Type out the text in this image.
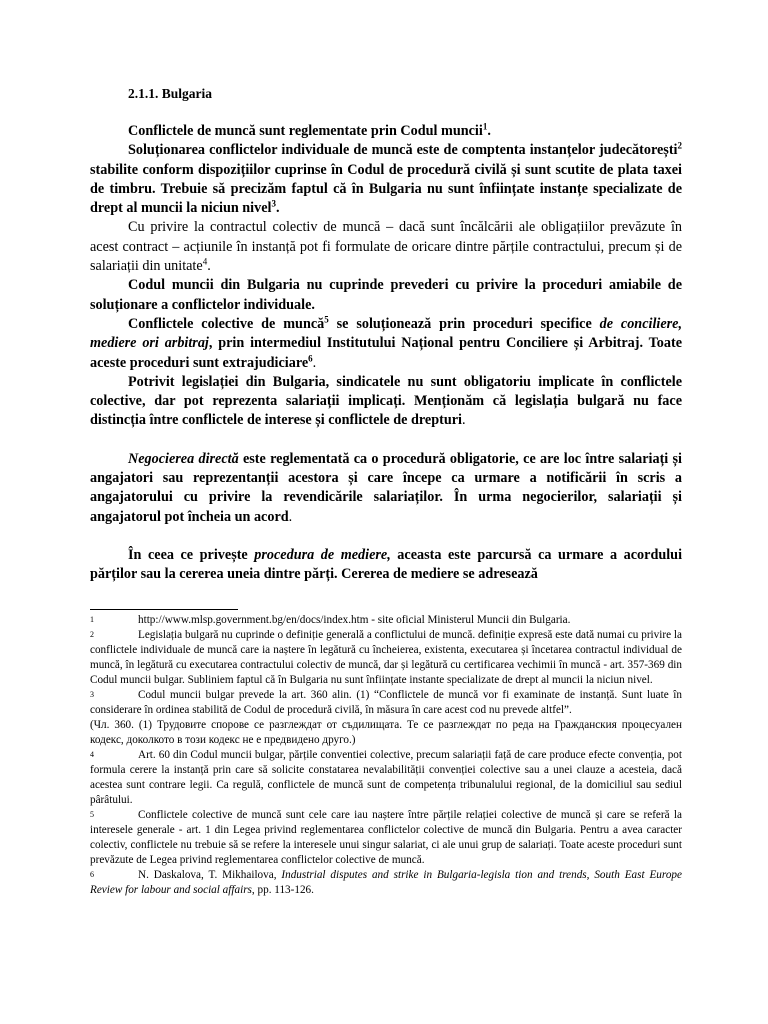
2.1.1. Bulgaria

Conflictele de muncă sunt reglementate prin Codul muncii$^1$.

Soluționarea conflictelor individuale de muncă este de comptenta instanțelor judecătorești$^2$ stabilite conform dispozițiilor cuprinse în Codul de procedură civilă și sunt scutite de plata taxei de timbru. Trebuie să precizăm faptul că în Bulgaria nu sunt înființate instanțe specializate de drept al muncii la niciun nivel$^3$.

Cu privire la contractul colectiv de muncă – dacă sunt încălcării ale obligațiilor prevăzute în acest contract – acțiunile în instanță pot fi formulate de oricare dintre părțile contractului, precum și de salariații din unitate$^4$.

Codul muncii din Bulgaria nu cuprinde prevederi cu privire la proceduri amiabile de soluționare a conflictelor individuale.

Conflictele colective de muncă$^5$ se soluționează prin proceduri specifice de conciliere, mediere ori arbitraj, prin intermediul Institutului Național pentru Conciliere și Arbitraj. Toate aceste proceduri sunt extrajudiciare$^6$.

Potrivit legislației din Bulgaria, sindicatele nu sunt obligatoriu implicate în conflictele colective, dar pot reprezenta salariații implicați. Menționăm că legislația bulgară nu face distincția între conflictele de interese și conflictele de drepturi.

Negocierea directă este reglementată ca o procedură obligatorie, ce are loc între salariați și angajatori sau reprezentanții acestora și care începe ca urmare a notificării în scris a angajatorului cu privire la revendicările salariaților. În urma negocierilor, salariații și angajatorul pot încheia un acord.

În ceea ce privește procedura de mediere, aceasta este parcursă ca urmare a acordului părților sau la cererea uneia dintre părți. Cererea de mediere se adresează

1	http://www.mlsp.government.bg/en/docs/index.htm - site oficial Ministerul Muncii din Bulgaria.

2	Legislația bulgară nu cuprinde o definiție generală a conflictului de muncă. definiție expresă este dată numai cu privire la conflictele individuale de muncă care ia naștere în legătură cu încheierea, existenta, executarea și încetarea contractul individual de muncă, în legătură cu executarea contractului colectiv de muncă, dar și legătură cu certificarea vechimii în muncă - art. 357-369 din Codul muncii bulgar. Subliniem faptul că în Bulgaria nu sunt înființate instante specializate de drept al muncii la niciun nivel.

3	Codul muncii bulgar prevede la art. 360 alin. (1) “Conflictele de muncă vor fi examinate de instanță. Sunt luate în considerare în ordinea stabilită de Codul de procedură civilă, în măsura în care acest cod nu prevede altfel”.

(Чл. 360. (1) Трудовите спорове се разглеждат от съдилищата. Те се разглеждат по реда на Гражданския процесуален кодекс, доколкото в този кодекс не е предвидено друго.)

4	Art. 60 din Codul muncii bulgar, părțile conventiei colective, precum salariații față de care produce efecte convenția, pot formula cerere la instanță prin care să solicite constatarea nevalabilității convenției colective sau a unei clauze a acesteia, dacă acestea sunt contrare legii. Ca regulă, conflictele de muncă sunt de competența tribunalului regional, de la domiciliul sau sediul pârâtului.

5	Conflictele colective de muncă sunt cele care iau naștere între părțile relației colective de muncă și care se referă la interesele generale - art. 1 din Legea privind reglementarea conflictelor colective de muncă din Bulgaria. Pentru a avea caracter colectiv, conflictele nu trebuie să se refere la interesele unui singur salariat, ci ale unui grup de salariați. Toate aceste proceduri sunt prevăzute de Legea privind reglementarea conflictelor colective de muncă.

6	N. Daskalova, T. Mikhailova, Industrial disputes and strike in Bulgaria-legisla tion and trends, South East Europe Review for labour and social affairs, pp. 113-126.
